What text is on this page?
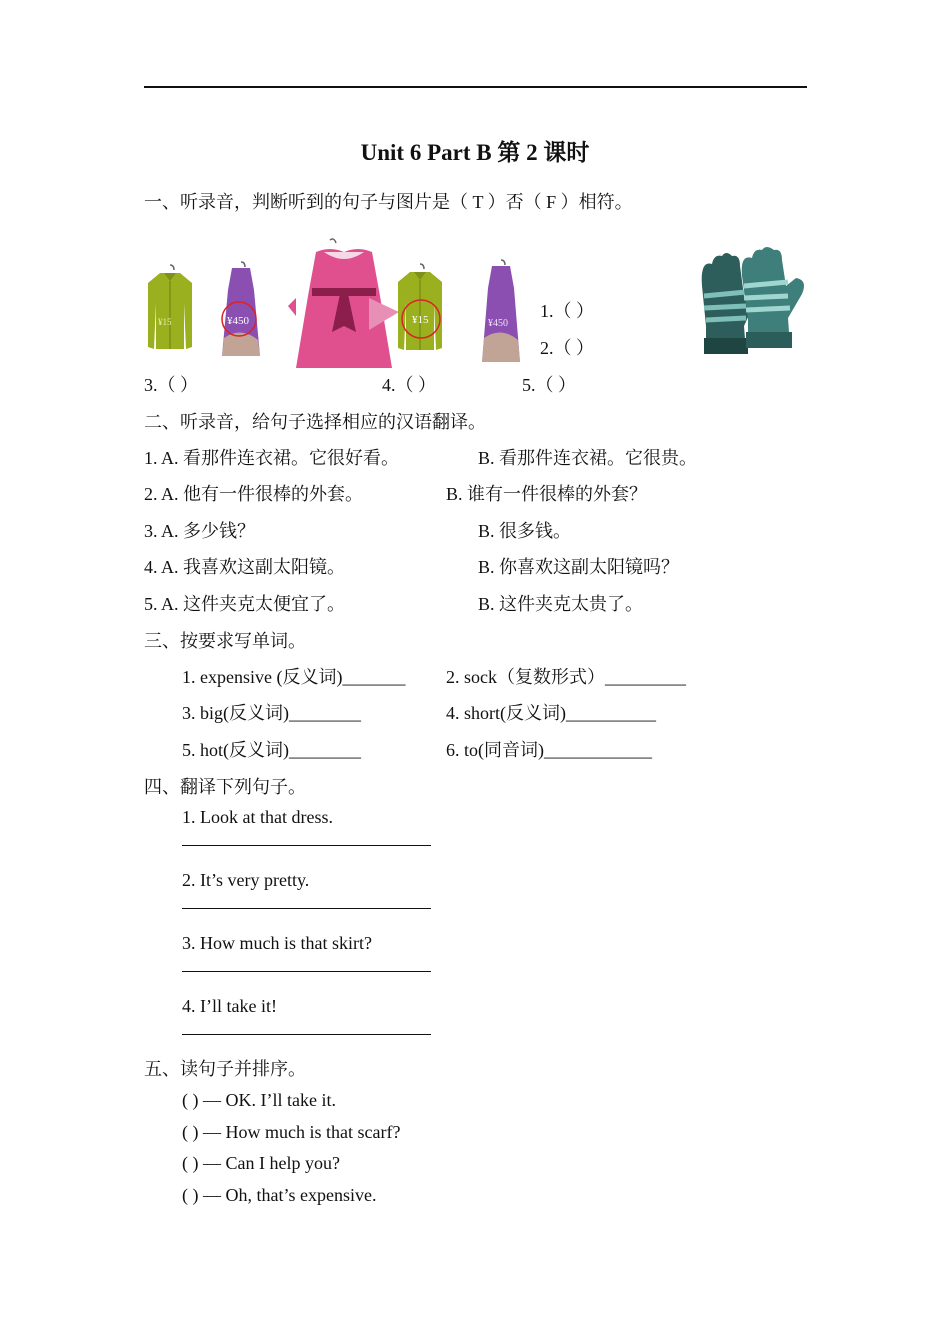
Unit 6 Part B 第 2 课时
一、听录音，判断听到的句子与图片是（ T ）否（ F ）相符。
¥15	¥450	¥15	¥450
1.（ ）
2.（ ）
3.（ ）	4.（ ）	5.（ ）
二、听录音，给句子选择相应的汉语翻译。
1. A. 看那件连衣裙。它很好看。	B. 看那件连衣裙。它很贵。
2. A. 他有一件很棒的外套。	B. 谁有一件很棒的外套？
3. A. 多少钱？	B. 很多钱。
4. A. 我喜欢这副太阳镜。	B. 你喜欢这副太阳镜吗？
5. A. 这件夹克太便宜了。	B. 这件夹克太贵了。
三、按要求写单词。
1. expensive (反义词)_______ 2. sock（复数形式）_________
3. big(反义词)________	4. short(反义词)__________
5. hot(反义词)________	6. to(同音词)____________
四、翻译下列句子。
1. Look at that dress.
2. It’s very pretty.
3. How much is that skirt?
4. I’ll take it!
五、读句子并排序。
( ) — OK. I’ll take it.
( ) — How much is that scarf?
( ) — Can I help you?
( ) — Oh, that’s expensive.
